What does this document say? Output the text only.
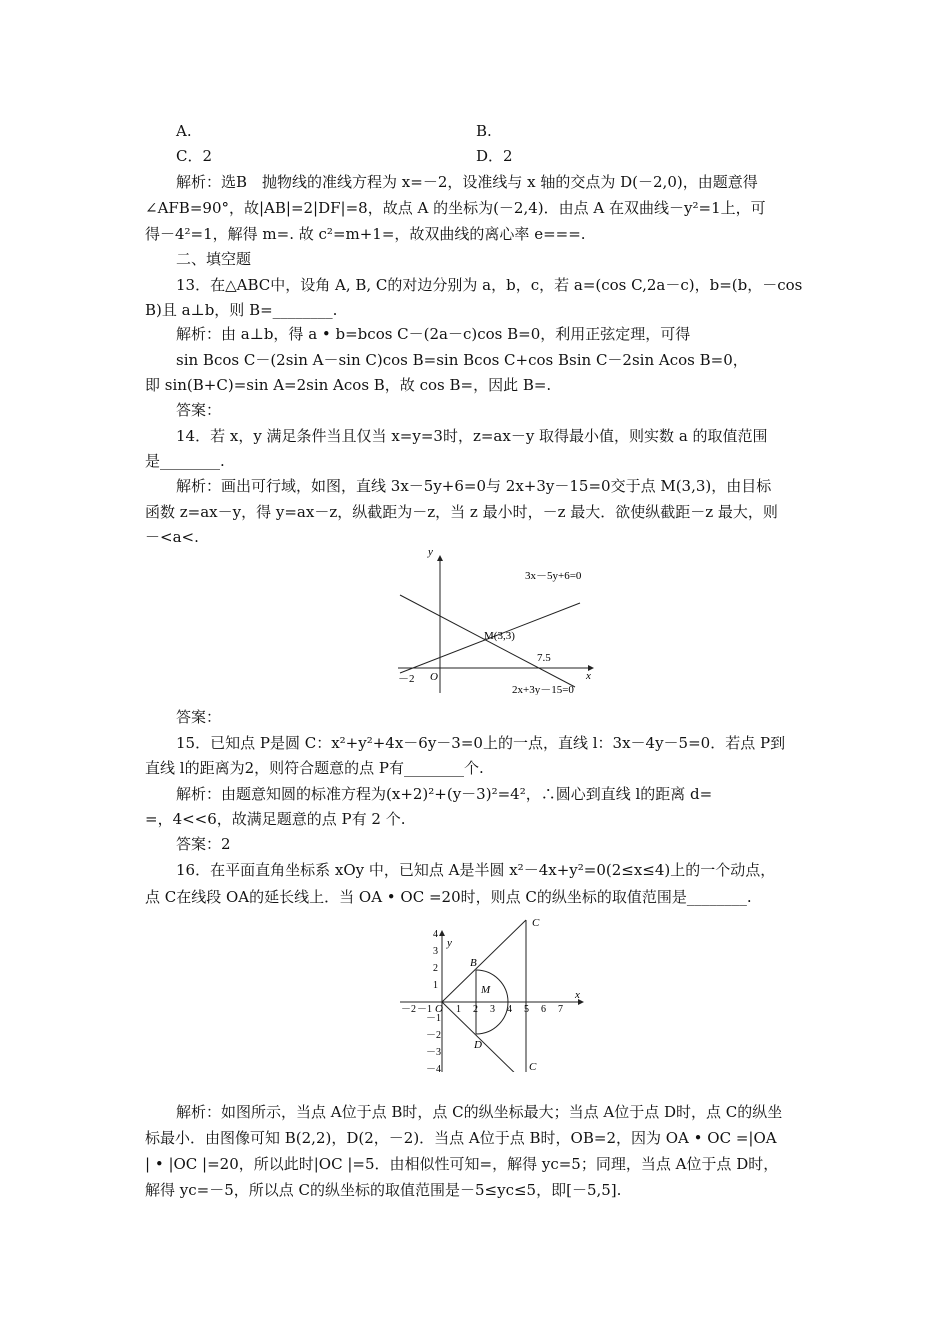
A.	B.
C．2	D．2
解析：选B　抛物线的准线方程为 x=－2，设准线与 x 轴的交点为 D(－2,0)，由题意得
∠AFB=90°，故|AB|=2|DF|=8，故点 A 的坐标为(－2,4)．由点 A 在双曲线－y²=1上，可
得－4²=1，解得 m=. 故 c²=m+1=，故双曲线的离心率 e===.
二、填空题
13．在△ABC中，设角 A, B, C的对边分别为 a，b，c，若 a=(cos C,2a－c)，b=(b，－cos
B)且 a⊥b，则 B=________.
解析：由 a⊥b，得 a • b=bcos C－(2a－c)cos B=0，利用正弦定理，可得
sin Bcos C－(2sin A－sin C)cos B=sin Bcos C+cos Bsin C－2sin Acos B=0，
即 sin(B+C)=sin A=2sin Acos B，故 cos B=，因此 B=.
答案：
14．若 x，y 满足条件当且仅当 x=y=3时，z=ax－y 取得最小值，则实数 a 的取值范围
是________.
解析：画出可行域，如图，直线 3x－5y+6=0与 2x+3y－15=0交于点 M(3,3)，由目标
函数 z=ax－y，得 y=ax－z，纵截距为－z，当 z 最小时，－z 最大．欲使纵截距－z 最大，则
－<a<.
y
x
O
－2
3x－5y+6=0
M(3,3)
7.5
2x+3y－15=0
答案：
15．已知点 P是圆 C：x²+y²+4x－6y－3=0上的一点，直线 l：3x－4y－5=0．若点 P到
直线 l的距离为2，则符合题意的点 P有________个.
解析：由题意知圆的标准方程为(x+2)²+(y－3)²=4²，∴圆心到直线 l的距离 d=
=，4<<6，故满足题意的点 P有 2 个.
答案：2
16．在平面直角坐标系 xOy 中，已知点 A是半圆 x²－4x+y²=0(2≤x≤4)上的一个动点，
点 C在线段 OA的延长线上．当 OA • OC =20时，则点 C的纵坐标的取值范围是________.
C
C
B
D
M
y
x
O
－2 －1 1 2 3 4 5 6 7
4
3
2
1
－1
－2
－3
－4
解析：如图所示，当点 A位于点 B时，点 C的纵坐标最大；当点 A位于点 D时，点 C的纵坐
标最小．由图像可知 B(2,2)，D(2，－2)．当点 A位于点 B时，OB=2，因为 OA • OC =|OA
| • |OC |=20，所以此时|OC |=5．由相似性可知=，解得 yc=5；同理，当点 A位于点 D时，
解得 yc=－5，所以点 C的纵坐标的取值范围是－5≤yc≤5，即[－5,5].
